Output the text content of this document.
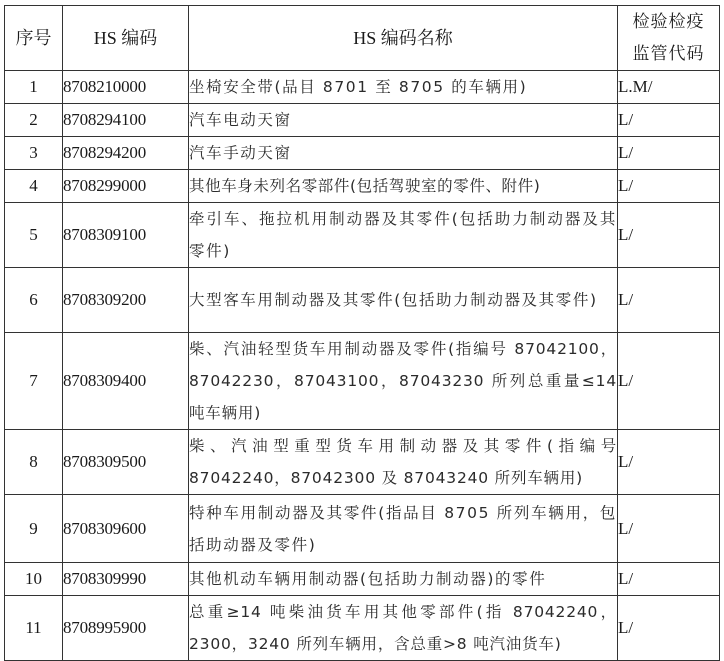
序号	HS 编码	HS 编码名称	检验检疫
监管代码

1	8708210000	坐椅安全带(品目 8701 至 8705 的车辆用)	L.M/
2	8708294100	汽车电动天窗	L/
3	8708294200	汽车手动天窗	L/
4	8708299000	其他车身未列名零部件(包括驾驶室的零件、附件)	L/
5	8708309100	牵引车、拖拉机用制动器及其零件(包括助力制动器及其零件)	L/
6	8708309200	大型客车用制动器及其零件(包括助力制动器及其零件)	L/
7	8708309400	柴、汽油轻型货车用制动器及零件(指编号 87042100，87042230，87043100，87043230 所列总重量≤14 吨车辆用)	L/
8	8708309500	柴、汽油型重型货车用制动器及其零件(指编号 87042240，87042300 及 87043240 所列车辆用)	L/
9	8708309600	特种车用制动器及其零件(指品目 8705 所列车辆用，包括助动器及零件)	L/
10	8708309990	其他机动车辆用制动器(包括助力制动器)的零件	L/
11	8708995900	总重≥14 吨柴油货车用其他零部件(指 87042240，2300，3240 所列车辆用，含总重>8 吨汽油货车)	L/
